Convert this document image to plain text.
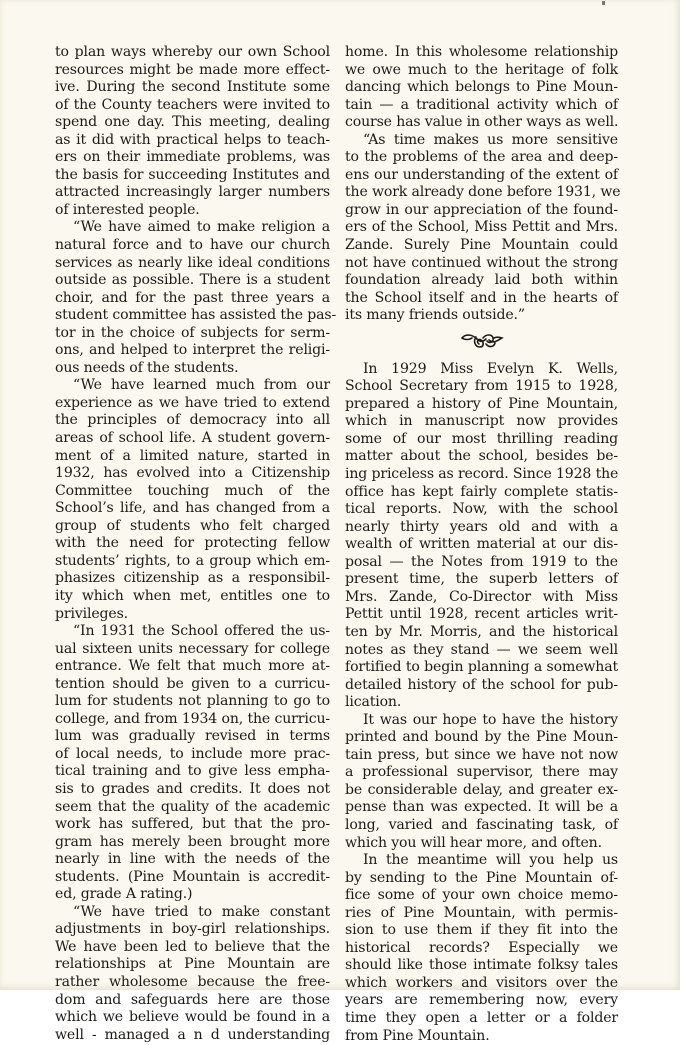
to plan ways whereby our own School
resources might be made more effect-
ive. During the second Institute some
of the County teachers were invited to
spend one day. This meeting, dealing
as it did with practical helps to teach-
ers on their immediate problems, was
the basis for succeeding Institutes and
attracted increasingly larger numbers
of interested people.
“We have aimed to make religion a
natural force and to have our church
services as nearly like ideal conditions
outside as possible. There is a student
choir, and for the past three years a
student committee has assisted the pas-
tor in the choice of subjects for serm-
ons, and helped to interpret the religi-
ous needs of the students.
“We have learned much from our
experience as we have tried to extend
the principles of democracy into all
areas of school life. A student govern-
ment of a limited nature, started in
1932, has evolved into a Citizenship
Committee touching much of the
School’s life, and has changed from a
group of students who felt charged
with the need for protecting fellow
students’ rights, to a group which em-
phasizes citizenship as a responsibil-
ity which when met, entitles one to
privileges.
“In 1931 the School offered the us-
ual sixteen units necessary for college
entrance. We felt that much more at-
tention should be given to a curricu-
lum for students not planning to go to
college, and from 1934 on, the curricu-
lum was gradually revised in terms
of local needs, to include more prac-
tical training and to give less empha-
sis to grades and credits. It does not
seem that the quality of the academic
work has suffered, but that the pro-
gram has merely been brought more
nearly in line with the needs of the
students. (Pine Mountain is accredit-
ed, grade A rating.)
“We have tried to make constant
adjustments in boy-girl relationships.
We have been led to believe that the
relationships at Pine Mountain are
rather wholesome because the free-
dom and safeguards here are those
which we believe would be found in a
well - managed a n d understanding
home. In this wholesome relationship
we owe much to the heritage of folk
dancing which belongs to Pine Moun-
tain — a traditional activity which of
course has value in other ways as well.
“As time makes us more sensitive
to the problems of the area and deep-
ens our understanding of the extent of
the work already done before 1931, we
grow in our appreciation of the found-
ers of the School, Miss Pettit and Mrs.
Zande. Surely Pine Mountain could
not have continued without the strong
foundation already laid both within
the School itself and in the hearts of
its many friends outside.”
In 1929 Miss Evelyn K. Wells,
School Secretary from 1915 to 1928,
prepared a history of Pine Mountain,
which in manuscript now provides
some of our most thrilling reading
matter about the school, besides be-
ing priceless as record. Since 1928 the
office has kept fairly complete statis-
tical reports. Now, with the school
nearly thirty years old and with a
wealth of written material at our dis-
posal — the Notes from 1919 to the
present time, the superb letters of
Mrs. Zande, Co-Director with Miss
Pettit until 1928, recent articles writ-
ten by Mr. Morris, and the historical
notes as they stand — we seem well
fortified to begin planning a somewhat
detailed history of the school for pub-
lication.
It was our hope to have the history
printed and bound by the Pine Moun-
tain press, but since we have not now
a professional supervisor, there may
be considerable delay, and greater ex-
pense than was expected. It will be a
long, varied and fascinating task, of
which you will hear more, and often.
In the meantime will you help us
by sending to the Pine Mountain of-
fice some of your own choice memo-
ries of Pine Mountain, with permis-
sion to use them if they fit into the
historical records? Especially we
should like those intimate folksy tales
which workers and visitors over the
years are remembering now, every
time they open a letter or a folder
from Pine Mountain.
